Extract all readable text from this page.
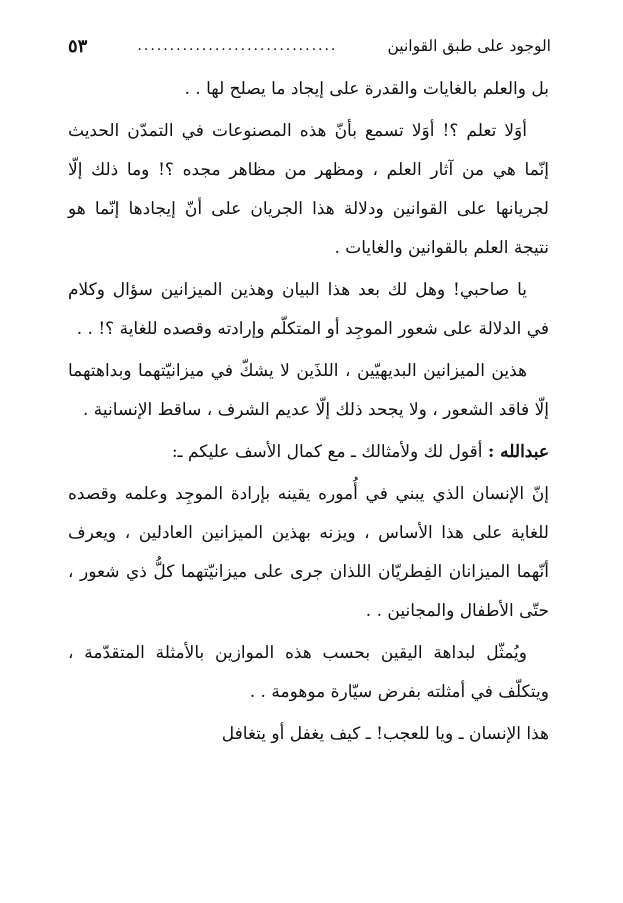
الوجود على طبق القوانين
...............................
٥٣

بل والعلم بالغايات والقدرة على إيجاد ما يصلح لها . .

أوَلا تعلم ؟! أوَلا تسمع بأنّ هذه المصنوعات في التمدّن الحديث إنّما هي من آثار العلم ، ومظهر من مظاهر مجده ؟! وما ذلك إلّا لجريانها على القوانين ودلالة هذا الجريان على أنّ إيجادها إنّما هو نتيجة العلم بالقوانين والغايات .

يا صاحبي! وهل لك بعد هذا البيان وهذين الميزانين سؤال وكلام في الدلالة على شعور الموجِد أو المتكلّم وإرادته وقصده للغاية ؟! . .

هذين الميزانين البديهيّين ، اللذَين لا يشكّ في ميزانيّتهما وبداهتهما إلّا فاقد الشعور ، ولا يجحد ذلك إلّا عديم الشرف ، ساقط الإنسانية .

عبدالله : أقول لك ولأمثالك ـ مع كمال الأسف عليكم ـ:

إنّ الإنسان الذي يبني في أُموره يقينه بإرادة الموجِد وعلمه وقصده للغاية على هذا الأساس ، ويزنه بهذين الميزانين العادلين ، ويعرف أنّهما الميزانان الفِطريّان اللذان جرى على ميزانيّتهما كلُّ ذي شعور ، حتّى الأطفال والمجانين . .

ويُمثّل لبداهة اليقين بحسب هذه الموازين بالأمثلة المتقدّمة ، ويتكلّف في أمثلته بفرض سيّارة موهومة . .

هذا الإنسان ـ ويا للعجب! ـ كيف يغفل أو يتغافل
